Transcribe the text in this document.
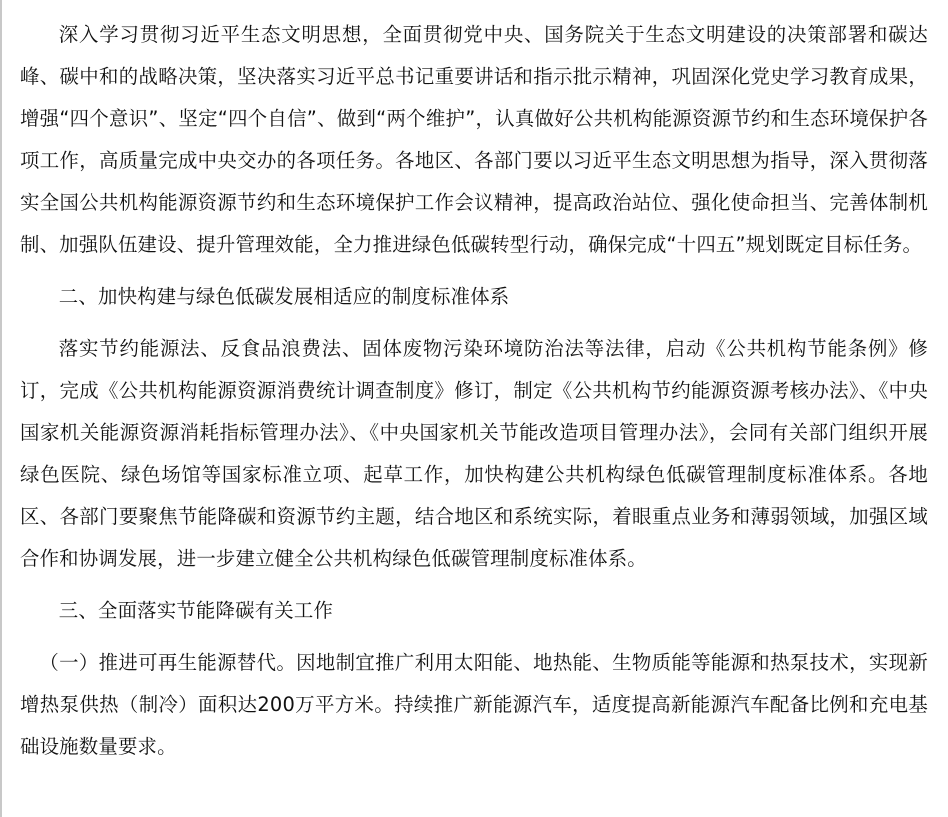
深入学习贯彻习近平生态文明思想，全面贯彻党中央、国务院关于生态文明建设的决策部署和碳达峰、碳中和的战略决策，坚决落实习近平总书记重要讲话和指示批示精神，巩固深化党史学习教育成果，增强“四个意识”、坚定“四个自信”、做到“两个维护”，认真做好公共机构能源资源节约和生态环境保护各项工作，高质量完成中央交办的各项任务。各地区、各部门要以习近平生态文明思想为指导，深入贯彻落实全国公共机构能源资源节约和生态环境保护工作会议精神，提高政治站位、强化使命担当、完善体制机制、加强队伍建设、提升管理效能，全力推进绿色低碳转型行动，确保完成“十四五”规划既定目标任务。

二、加快构建与绿色低碳发展相适应的制度标准体系

落实节约能源法、反食品浪费法、固体废物污染环境防治法等法律，启动《公共机构节能条例》修订，完成《公共机构能源资源消费统计调查制度》修订，制定《公共机构节约能源资源考核办法》、《中央国家机关能源资源消耗指标管理办法》、《中央国家机关节能改造项目管理办法》，会同有关部门组织开展绿色医院、绿色场馆等国家标准立项、起草工作，加快构建公共机构绿色低碳管理制度标准体系。各地区、各部门要聚焦节能降碳和资源节约主题，结合地区和系统实际，着眼重点业务和薄弱领域，加强区域合作和协调发展，进一步建立健全公共机构绿色低碳管理制度标准体系。

三、全面落实节能降碳有关工作

（一）推进可再生能源替代。因地制宜推广利用太阳能、地热能、生物质能等能源和热泵技术，实现新增热泵供热（制冷）面积达200万平方米。持续推广新能源汽车，适度提高新能源汽车配备比例和充电基础设施数量要求。
